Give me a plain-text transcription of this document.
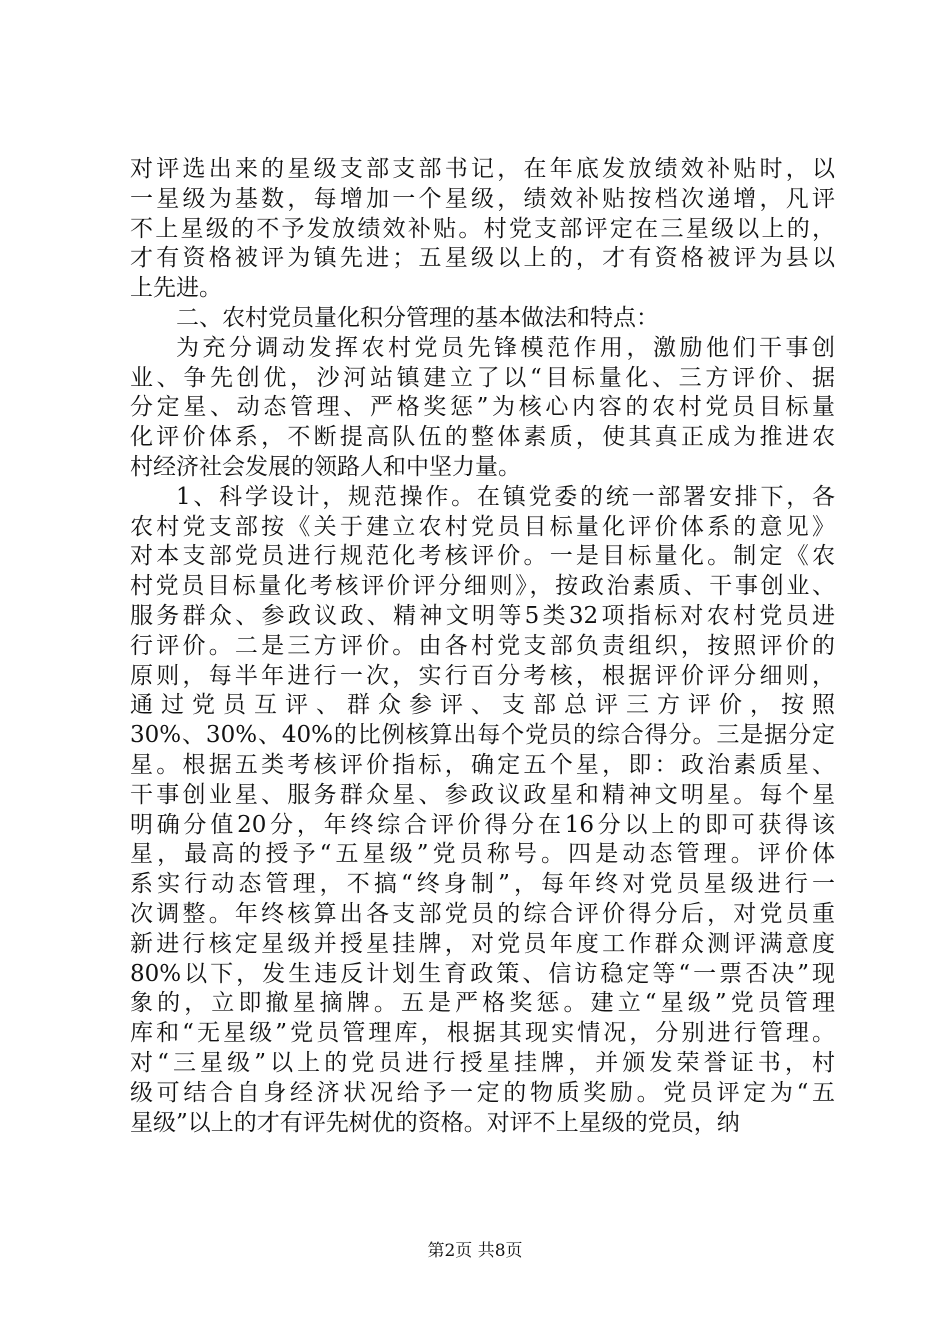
对评选出来的星级支部支部书记，在年底发放绩效补贴时，以
一星级为基数，每增加一个星级，绩效补贴按档次递增，凡评
不上星级的不予发放绩效补贴。村党支部评定在三星级以上的，
才有资格被评为镇先进；五星级以上的，才有资格被评为县以
上先进。
二、农村党员量化积分管理的基本做法和特点：
为充分调动发挥农村党员先锋模范作用，激励他们干事创
业、争先创优，沙河站镇建立了以“目标量化、三方评价、据
分定星、动态管理、严格奖惩”为核心内容的农村党员目标量
化评价体系，不断提高队伍的整体素质，使其真正成为推进农
村经济社会发展的领路人和中坚力量。
1、科学设计，规范操作。在镇党委的统一部署安排下，各
农村党支部按《关于建立农村党员目标量化评价体系的意见》
对本支部党员进行规范化考核评价。一是目标量化。制定《农
村党员目标量化考核评价评分细则》，按政治素质、干事创业、
服务群众、参政议政、精神文明等5类32项指标对农村党员进
行评价。二是三方评价。由各村党支部负责组织，按照评价的
原则，每半年进行一次，实行百分考核，根据评价评分细则，
通过党员互评、群众参评、支部总评三方评价，按照
30%、30%、40%的比例核算出每个党员的综合得分。三是据分定
星。根据五类考核评价指标，确定五个星，即：政治素质星、
干事创业星、服务群众星、参政议政星和精神文明星。每个星
明确分值20分，年终综合评价得分在16分以上的即可获得该
星，最高的授予“五星级”党员称号。四是动态管理。评价体
系实行动态管理，不搞“终身制”，每年终对党员星级进行一
次调整。年终核算出各支部党员的综合评价得分后，对党员重
新进行核定星级并授星挂牌，对党员年度工作群众测评满意度
80%以下，发生违反计划生育政策、信访稳定等“一票否决”现
象的，立即撤星摘牌。五是严格奖惩。建立“星级”党员管理
库和“无星级”党员管理库，根据其现实情况，分别进行管理。
对“三星级”以上的党员进行授星挂牌，并颁发荣誉证书，村
级可结合自身经济状况给予一定的物质奖励。党员评定为“五
星级”以上的才有评先树优的资格。对评不上星级的党员，纳
第2页 共8页
